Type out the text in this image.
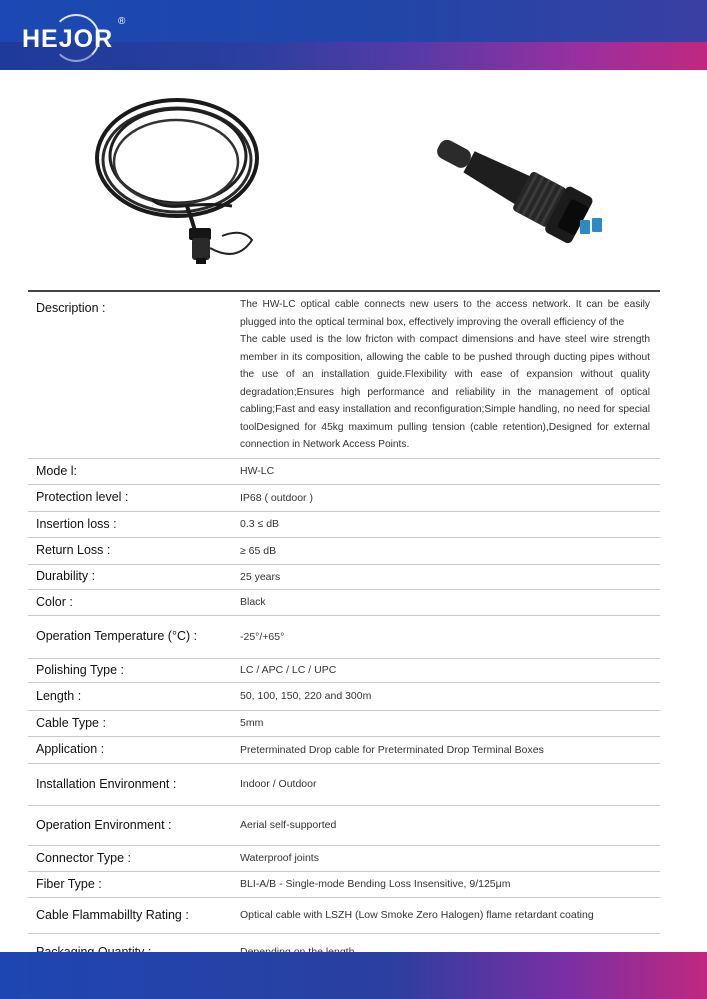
HEJOR
®
Description :	The HW-LC optical cable connects new users to the access network. It can be easily plugged into the optical terminal box, effectively improving the overall efficiency of the

The cable used is the low fricton with compact dimensions and have steel wire strength member in its composition, allowing the cable to be pushed through ducting pipes without the use of an installation guide.Flexibility with ease of expansion without quality degradation;Ensures high performance and reliability in the management of optical cabling;Fast and easy installation and reconfiguration;Simple handling, no need for special toolDesigned for 45kg maximum pulling tension (cable retention),Designed for external connection in Network Access Points.

Mode l:	HW-LC
Protection level :	IP68 ( outdoor )
Insertion loss :	0.3 ≤ dB
Return Loss :	≥ 65 dB
Durability :	25 years
Color :	Black
Operation Temperature (°C) :	-25°/+65°
Polishing Type :	LC / APC / LC / UPC
Length :	50, 100, 150, 220 and 300m
Cable Type :	5mm
Application :	Preterminated Drop cable for Preterminated Drop Terminal Boxes
Installation Environment :	Indoor / Outdoor
Operation Environment :	Aerial self-supported
Connector Type :	Waterproof joints
Fiber Type :	BLI-A/B - Single-mode Bending Loss Insensitive, 9/125μm
Cable Flammabillty Rating :	Optical cable with LSZH (Low Smoke Zero Halogen) flame retardant coating
